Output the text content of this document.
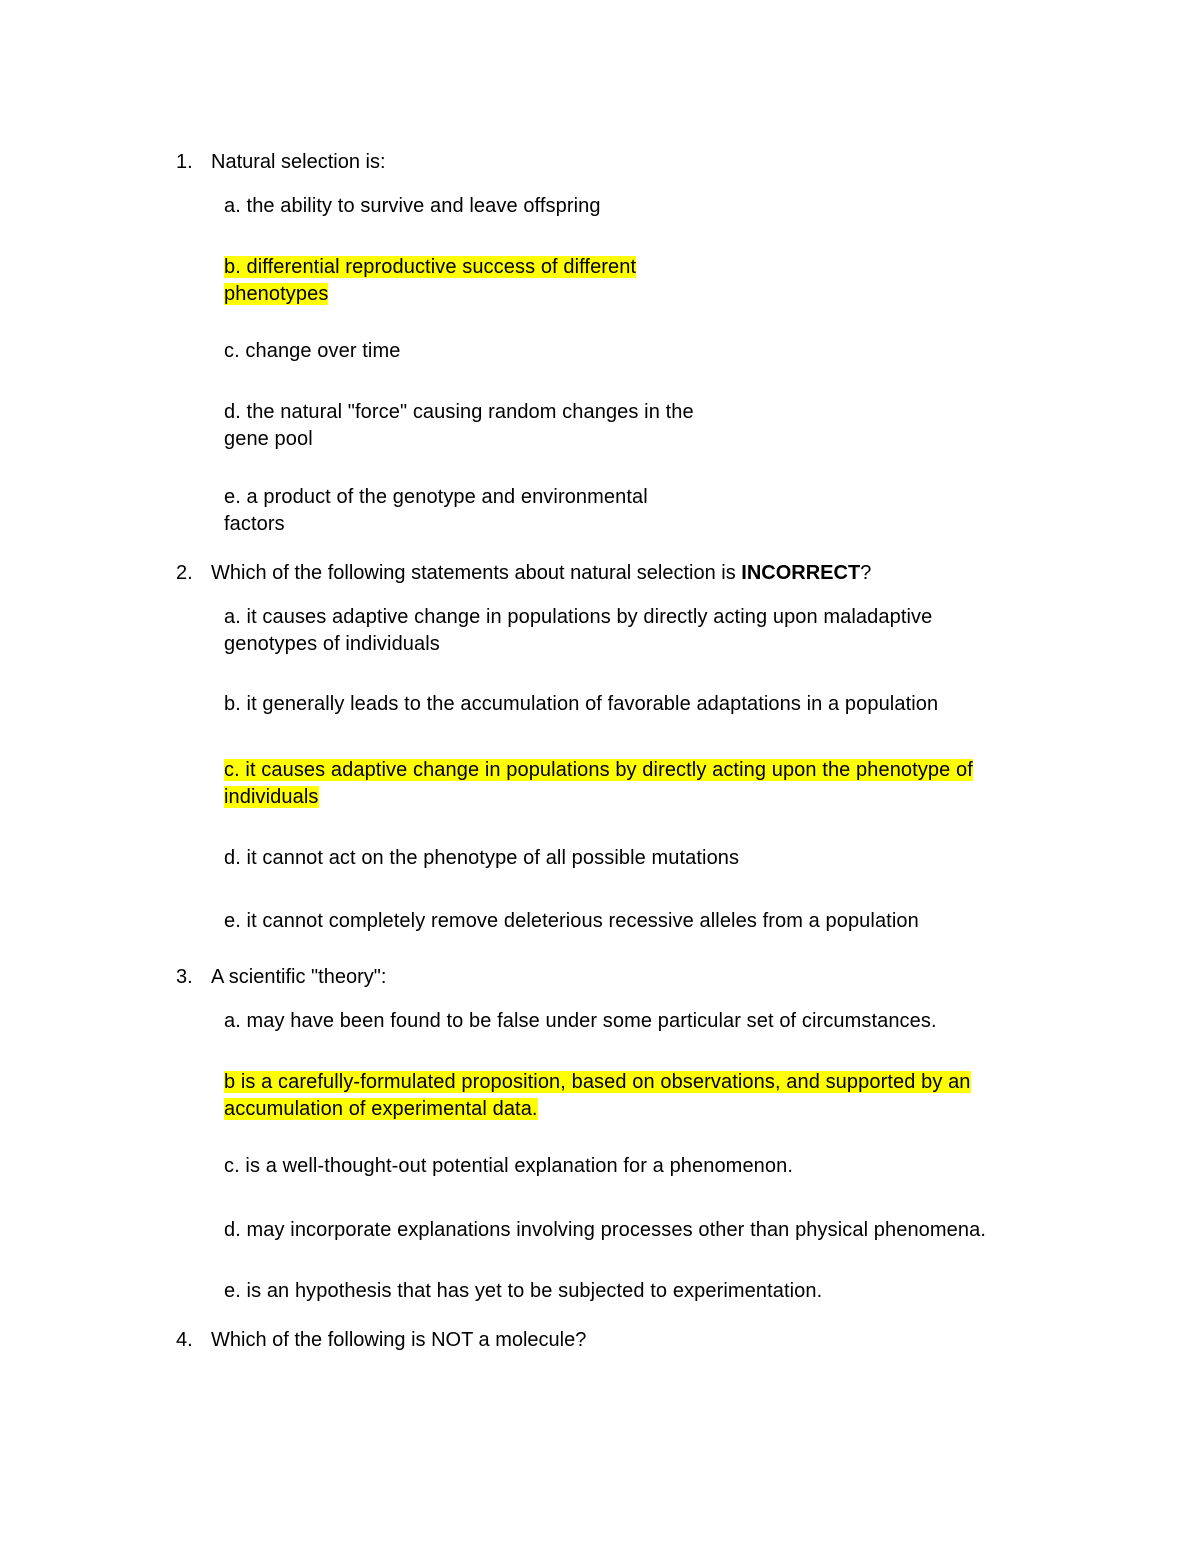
1. Natural selection is:
a. the ability to survive and leave offspring
b. differential reproductive success of different phenotypes
c. change over time
d. the natural "force" causing random changes in the gene pool
e. a product of the genotype and environmental factors
2. Which of the following statements about natural selection is INCORRECT?
a. it causes adaptive change in populations by directly acting upon maladaptive genotypes of individuals
b. it generally leads to the accumulation of favorable adaptations in a population
c. it causes adaptive change in populations by directly acting upon the phenotype of individuals
d. it cannot act on the phenotype of all possible mutations
e. it cannot completely remove deleterious recessive alleles from a population
3. A scientific "theory":
a. may have been found to be false under some particular set of circumstances.
b is a carefully-formulated proposition, based on observations, and supported by an accumulation of experimental data.
c. is a well-thought-out potential explanation for a phenomenon.
d. may incorporate explanations involving processes other than physical phenomena.
e. is an hypothesis that has yet to be subjected to experimentation.
4. Which of the following is NOT a molecule?
